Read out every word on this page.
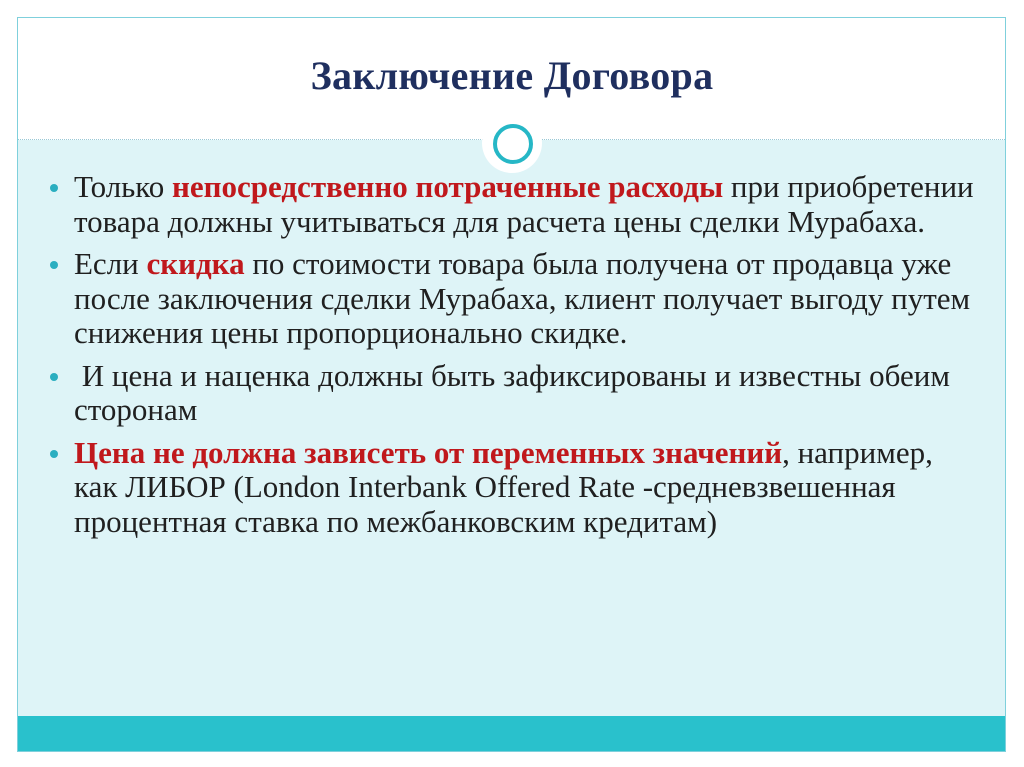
Заключение Договора
Только непосредственно потраченные расходы при приобретении товара должны учитываться для расчета цены сделки Мурабаха.
Если скидка по стоимости товара была получена от продавца уже после заключения сделки Мурабаха, клиент получает выгоду путем снижения цены пропорционально скидке.
И цена и наценка должны быть зафиксированы и известны обеим сторонам
Цена не должна зависеть от переменных значений, например, как ЛИБОР (London Interbank Offered Rate -средневзвешенная процентная ставка по межбанковским кредитам)
